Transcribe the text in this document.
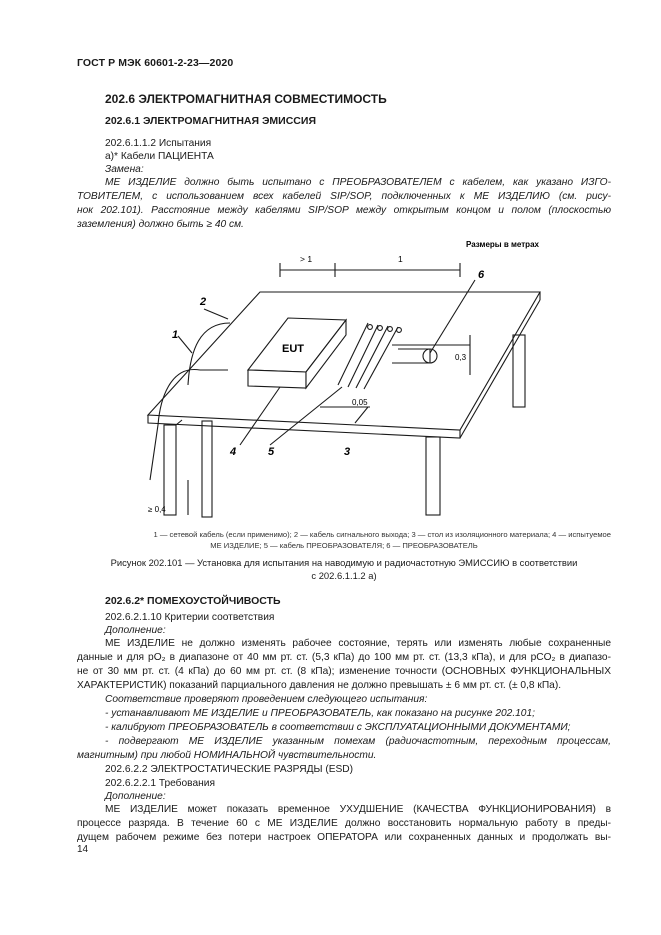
ГОСТ Р МЭК 60601-2-23—2020
202.6 ЭЛЕКТРОМАГНИТНАЯ СОВМЕСТИМОСТЬ
202.6.1 ЭЛЕКТРОМАГНИТНАЯ ЭМИССИЯ
202.6.1.1.2 Испытания
а)* Кабели ПАЦИЕНТА
Замена:
МЕ ИЗДЕЛИЕ должно быть испытано с ПРЕОБРАЗОВАТЕЛЕМ с кабелем, как указано ИЗГО-
ТОВИТЕЛЕМ, с использованием всех кабелей SIP/SOP, подключенных к МЕ ИЗДЕЛИЮ (см. рису-
нок 202.101). Расстояние между кабелями SIP/SOP между открытым концом и полом (плоскостью
заземления) должно быть ≥ 40 см.
Размеры в метрах
> 1	1
0,3
0,05
≥ 0,4
EUT
1
2
3
4	5
6
1 — сетевой кабель (если применимо); 2 — кабель сигнального выхода; 3 — стол из изоляционного материала; 4 — испытуемое
МЕ ИЗДЕЛИЕ; 5 — кабель ПРЕОБРАЗОВАТЕЛЯ; 6 — ПРЕОБРАЗОВАТЕЛЬ
Рисунок 202.101 — Установка для испытания на наводимую и радиочастотную ЭМИССИЮ в соответствии
с 202.6.1.1.2 а)
202.6.2* ПОМЕХОУСТОЙЧИВОСТЬ
202.6.2.1.10 Критерии соответствия
Дополнение:
МЕ ИЗДЕЛИЕ не должно изменять рабочее состояние, терять или изменять любые сохраненные
данные и для pO₂ в диапазоне от 40 мм рт. ст. (5,3 кПа) до 100 мм рт. ст. (13,3 кПа), и для pCO₂ в диапазо-
не от 30 мм рт. ст. (4 кПа) до 60 мм рт. ст. (8 кПа); изменение точности (ОСНОВНЫХ ФУНКЦИОНАЛЬНЫХ
ХАРАКТЕРИСТИК) показаний парциального давления не должно превышать ± 6 мм рт. ст. (± 0,8 кПа).
Соответствие проверяют проведением следующего испытания:
- устанавливают МЕ ИЗДЕЛИЕ и ПРЕОБРАЗОВАТЕЛЬ, как показано на рисунке 202.101;
- калибруют ПРЕОБРАЗОВАТЕЛЬ в соответствии с ЭКСПЛУАТАЦИОННЫМИ ДОКУМЕНТАМИ;
- подвергают МЕ ИЗДЕЛИЕ указанным помехам (радиочастотным, переходным процессам,
магнитным) при любой НОМИНАЛЬНОЙ чувствительности.
202.6.2.2 ЭЛЕКТРОСТАТИЧЕСКИЕ РАЗРЯДЫ (ESD)
202.6.2.2.1 Требования
Дополнение:
МЕ ИЗДЕЛИЕ может показать временное УХУДШЕНИЕ (КАЧЕСТВА ФУНКЦИОНИРОВАНИЯ) в
процессе разряда. В течение 60 с МЕ ИЗДЕЛИЕ должно восстановить нормальную работу в преды-
дущем рабочем режиме без потери настроек ОПЕРАТОРА или сохраненных данных и продолжать вы-
14
